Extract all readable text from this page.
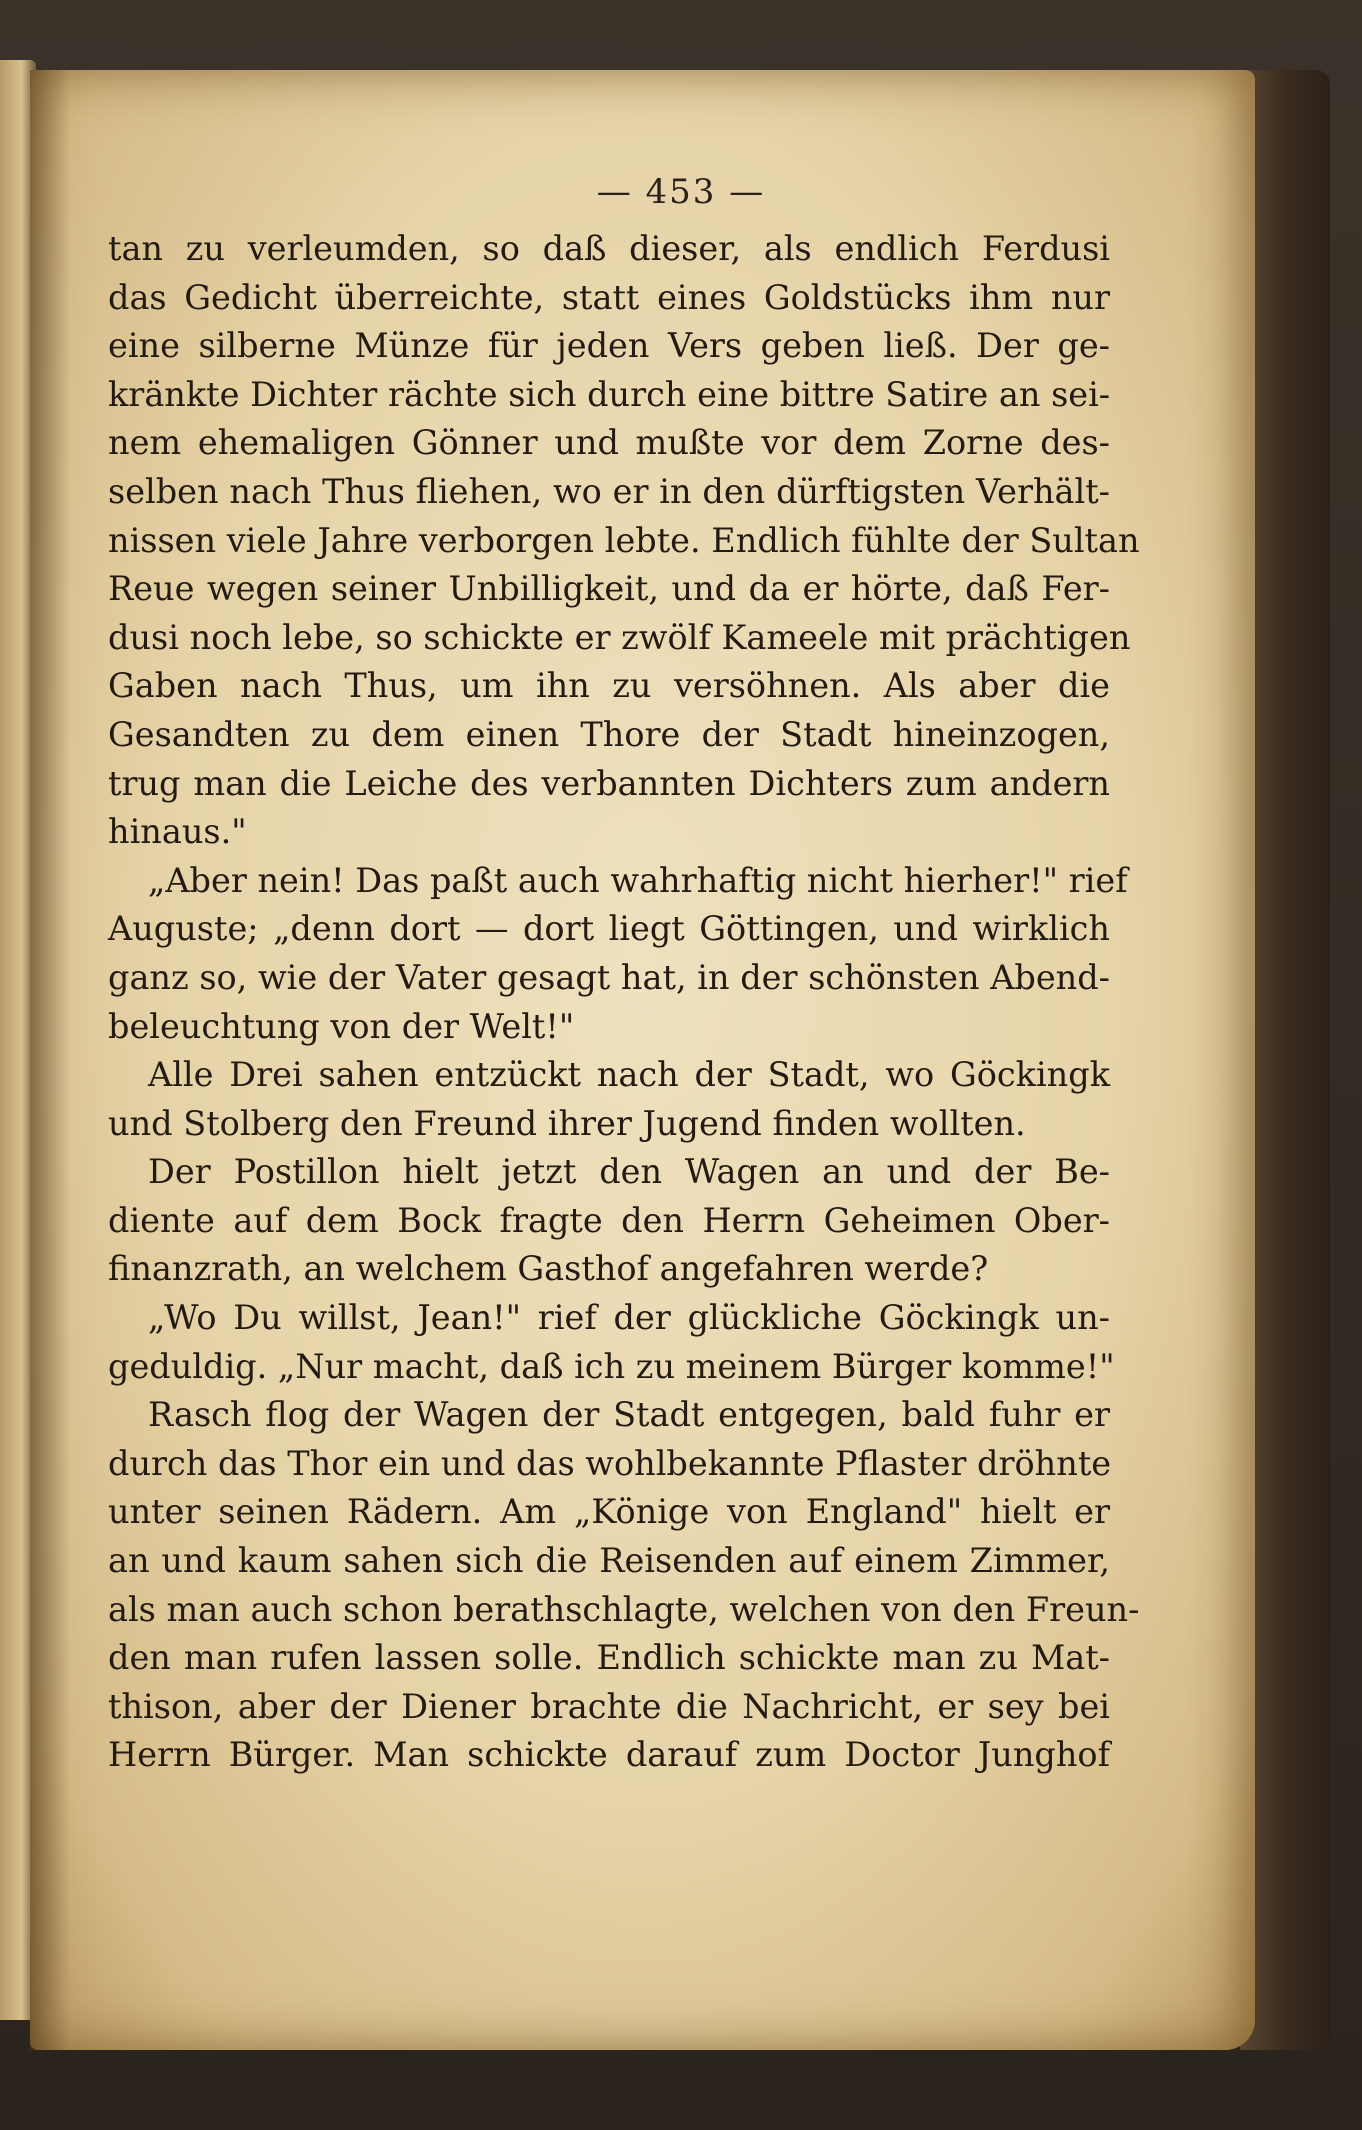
— 453 —
tan zu verleumden, so daß dieser, als endlich Ferdusi
das Gedicht überreichte, statt eines Goldstücks ihm nur
eine silberne Münze für jeden Vers geben ließ. Der ge-
kränkte Dichter rächte sich durch eine bittre Satire an sei-
nem ehemaligen Gönner und mußte vor dem Zorne des-
selben nach Thus fliehen, wo er in den dürftigsten Verhält-
nissen viele Jahre verborgen lebte. Endlich fühlte der Sultan
Reue wegen seiner Unbilligkeit, und da er hörte, daß Fer-
dusi noch lebe, so schickte er zwölf Kameele mit prächtigen
Gaben nach Thus, um ihn zu versöhnen. Als aber die
Gesandten zu dem einen Thore der Stadt hineinzogen,
trug man die Leiche des verbannten Dichters zum andern
hinaus."
„Aber nein! Das paßt auch wahrhaftig nicht hierher!" rief
Auguste; „denn dort — dort liegt Göttingen, und wirklich
ganz so, wie der Vater gesagt hat, in der schönsten Abend-
beleuchtung von der Welt!"
Alle Drei sahen entzückt nach der Stadt, wo Göckingk
und Stolberg den Freund ihrer Jugend finden wollten.
Der Postillon hielt jetzt den Wagen an und der Be-
diente auf dem Bock fragte den Herrn Geheimen Ober-
finanzrath, an welchem Gasthof angefahren werde?
„Wo Du willst, Jean!" rief der glückliche Göckingk un-
geduldig. „Nur macht, daß ich zu meinem Bürger komme!"
Rasch flog der Wagen der Stadt entgegen, bald fuhr er
durch das Thor ein und das wohlbekannte Pflaster dröhnte
unter seinen Rädern. Am „Könige von England" hielt er
an und kaum sahen sich die Reisenden auf einem Zimmer,
als man auch schon berathschlagte, welchen von den Freun-
den man rufen lassen solle. Endlich schickte man zu Mat-
thison, aber der Diener brachte die Nachricht, er sey bei
Herrn Bürger. Man schickte darauf zum Doctor Junghof
